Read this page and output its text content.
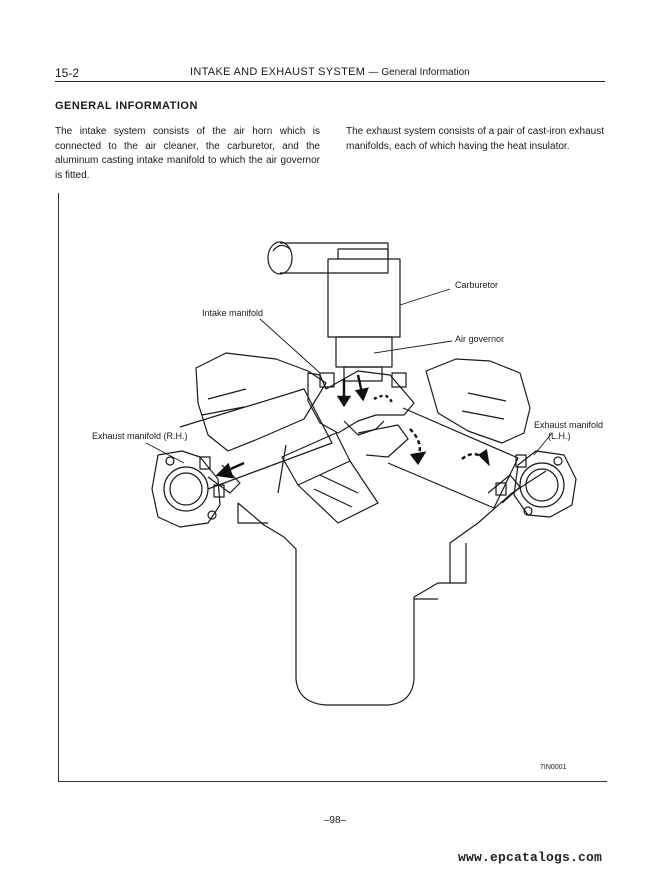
15-2	INTAKE AND EXHAUST SYSTEM — General Information
GENERAL INFORMATION
The intake system consists of the air horn which is connected to the air cleaner, the carburetor, and the aluminum casting intake manifold to which the air governor is fitted.
The exhaust system consists of a pair of cast-iron exhaust manifolds, each of which having the heat insulator.
Carburetor
Intake manifold
Air governor
Exhaust manifold (R.H.)
Exhaust manifold
(L.H.)
7IN0001
–98–
www.epcatalogs.com
